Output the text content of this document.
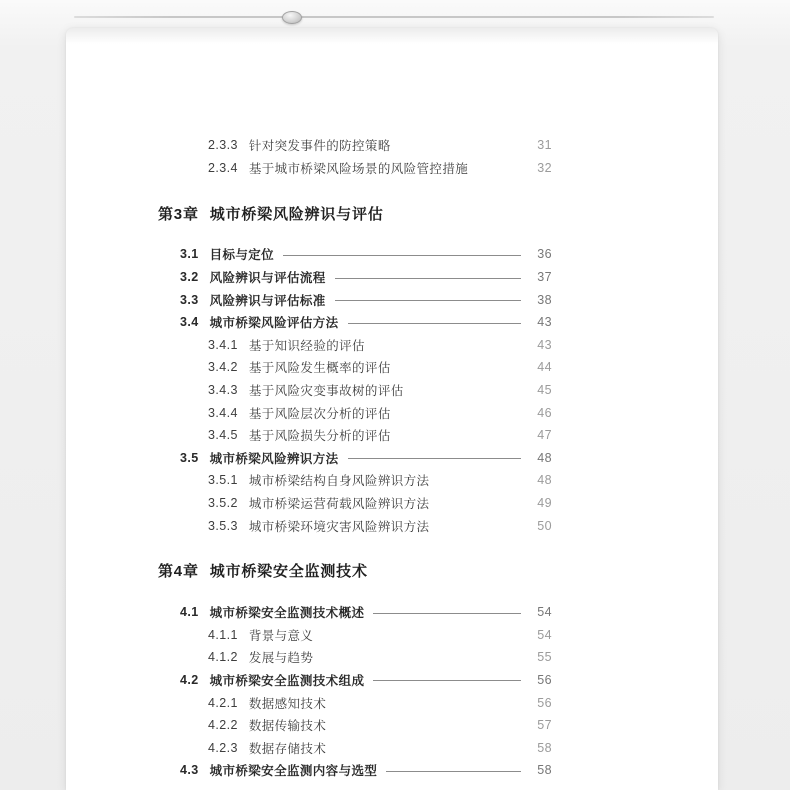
2.3.3 针对突发事件的防控策略	31
2.3.4 基于城市桥梁风险场景的风险管控措施	32
第3章 城市桥梁风险辨识与评估
3.1 目标与定位	36
3.2 风险辨识与评估流程	37
3.3 风险辨识与评估标准	38
3.4 城市桥梁风险评估方法	43
3.4.1 基于知识经验的评估	43
3.4.2 基于风险发生概率的评估	44
3.4.3 基于风险灾变事故树的评估	45
3.4.4 基于风险层次分析的评估	46
3.4.5 基于风险损失分析的评估	47
3.5 城市桥梁风险辨识方法	48
3.5.1 城市桥梁结构自身风险辨识方法	48
3.5.2 城市桥梁运营荷载风险辨识方法	49
3.5.3 城市桥梁环境灾害风险辨识方法	50
第4章 城市桥梁安全监测技术
4.1 城市桥梁安全监测技术概述	54
4.1.1 背景与意义	54
4.1.2 发展与趋势	55
4.2 城市桥梁安全监测技术组成	56
4.2.1 数据感知技术	56
4.2.2 数据传输技术	57
4.2.3 数据存储技术	58
4.3 城市桥梁安全监测内容与选型	58
